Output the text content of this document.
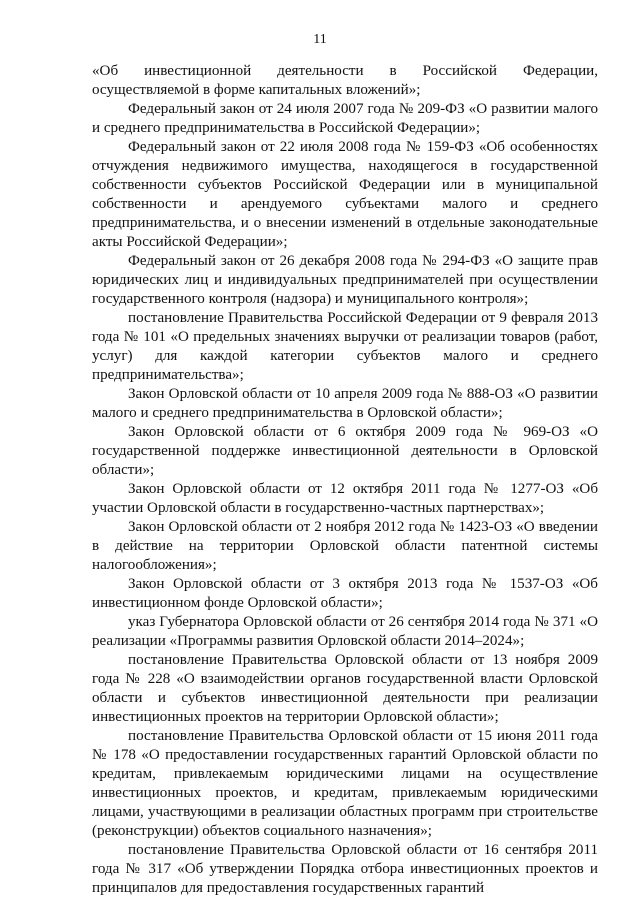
11

«Об инвестиционной деятельности в Российской Федерации, осуществляемой в форме капитальных вложений»;

Федеральный закон от 24 июля 2007 года № 209-ФЗ «О развитии малого и среднего предпринимательства в Российской Федерации»;

Федеральный закон от 22 июля 2008 года № 159-ФЗ «Об особенностях отчуждения недвижимого имущества, находящегося в государственной собственности субъектов Российской Федерации или в муниципальной собственности и арендуемого субъектами малого и среднего предпринимательства, и о внесении изменений в отдельные законодательные акты Российской Федерации»;

Федеральный закон от 26 декабря 2008 года № 294-ФЗ «О защите прав юридических лиц и индивидуальных предпринимателей при осуществлении государственного контроля (надзора) и муниципального контроля»;

постановление Правительства Российской Федерации от 9 февраля 2013 года № 101 «О предельных значениях выручки от реализации товаров (работ, услуг) для каждой категории субъектов малого и среднего предпринимательства»;

Закон Орловской области от 10 апреля 2009 года № 888-ОЗ «О развитии малого и среднего предпринимательства в Орловской области»;

Закон Орловской области от 6 октября 2009 года № 969-ОЗ «О государственной поддержке инвестиционной деятельности в Орловской области»;

Закон Орловской области от 12 октября 2011 года № 1277-ОЗ «Об участии Орловской области в государственно-частных партнерствах»;

Закон Орловской области от 2 ноября 2012 года № 1423-ОЗ «О введении в действие на территории Орловской области патентной системы налогообложения»;

Закон Орловской области от 3 октября 2013 года № 1537-ОЗ «Об инвестиционном фонде Орловской области»;

указ Губернатора Орловской области от 26 сентября 2014 года № 371 «О реализации «Программы развития Орловской области 2014–2024»;

постановление Правительства Орловской области от 13 ноября 2009 года № 228 «О взаимодействии органов государственной власти Орловской области и субъектов инвестиционной деятельности при реализации инвестиционных проектов на территории Орловской области»;

постановление Правительства Орловской области от 15 июня 2011 года № 178 «О предоставлении государственных гарантий Орловской области по кредитам, привлекаемым юридическими лицами на осуществление инвестиционных проектов, и кредитам, привлекаемым юридическими лицами, участвующими в реализации областных программ при строительстве (реконструкции) объектов социального назначения»;

постановление Правительства Орловской области от 16 сентября 2011 года № 317 «Об утверждении Порядка отбора инвестиционных проектов и принципалов для предоставления государственных гарантий
